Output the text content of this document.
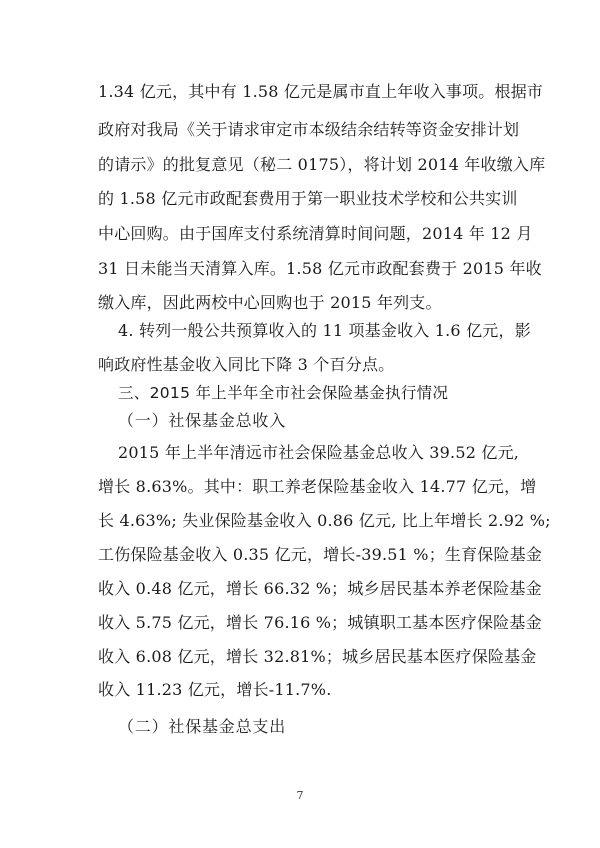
1.34 亿元，其中有 1.58 亿元是属市直上年收入事项。根据市
政府对我局《关于请求审定市本级结余结转等资金安排计划
的请示》的批复意见（秘二 0175），将计划 2014 年收缴入库
的 1.58 亿元市政配套费用于第一职业技术学校和公共实训
中心回购。由于国库支付系统清算时间问题，2014 年 12 月
31 日未能当天清算入库。1.58 亿元市政配套费于 2015 年收
缴入库，因此两校中心回购也于 2015 年列支。
4. 转列一般公共预算收入的 11 项基金收入 1.6 亿元，影
响政府性基金收入同比下降 3 个百分点。
三、2015 年上半年全市社会保险基金执行情况
（一）社保基金总收入
2015 年上半年清远市社会保险基金总收入 39.52 亿元,
增长 8.63%。其中：职工养老保险基金收入 14.77 亿元，增
长 4.63%; 失业保险基金收入 0.86 亿元, 比上年增长 2.92 %;
工伤保险基金收入 0.35 亿元，增长-39.51 %；生育保险基金
收入 0.48 亿元，增长 66.32 %；城乡居民基本养老保险基金
收入 5.75 亿元，增长 76.16 %；城镇职工基本医疗保险基金
收入 6.08 亿元，增长 32.81%；城乡居民基本医疗保险基金
收入 11.23 亿元，增长-11.7%.
（二）社保基金总支出
7
